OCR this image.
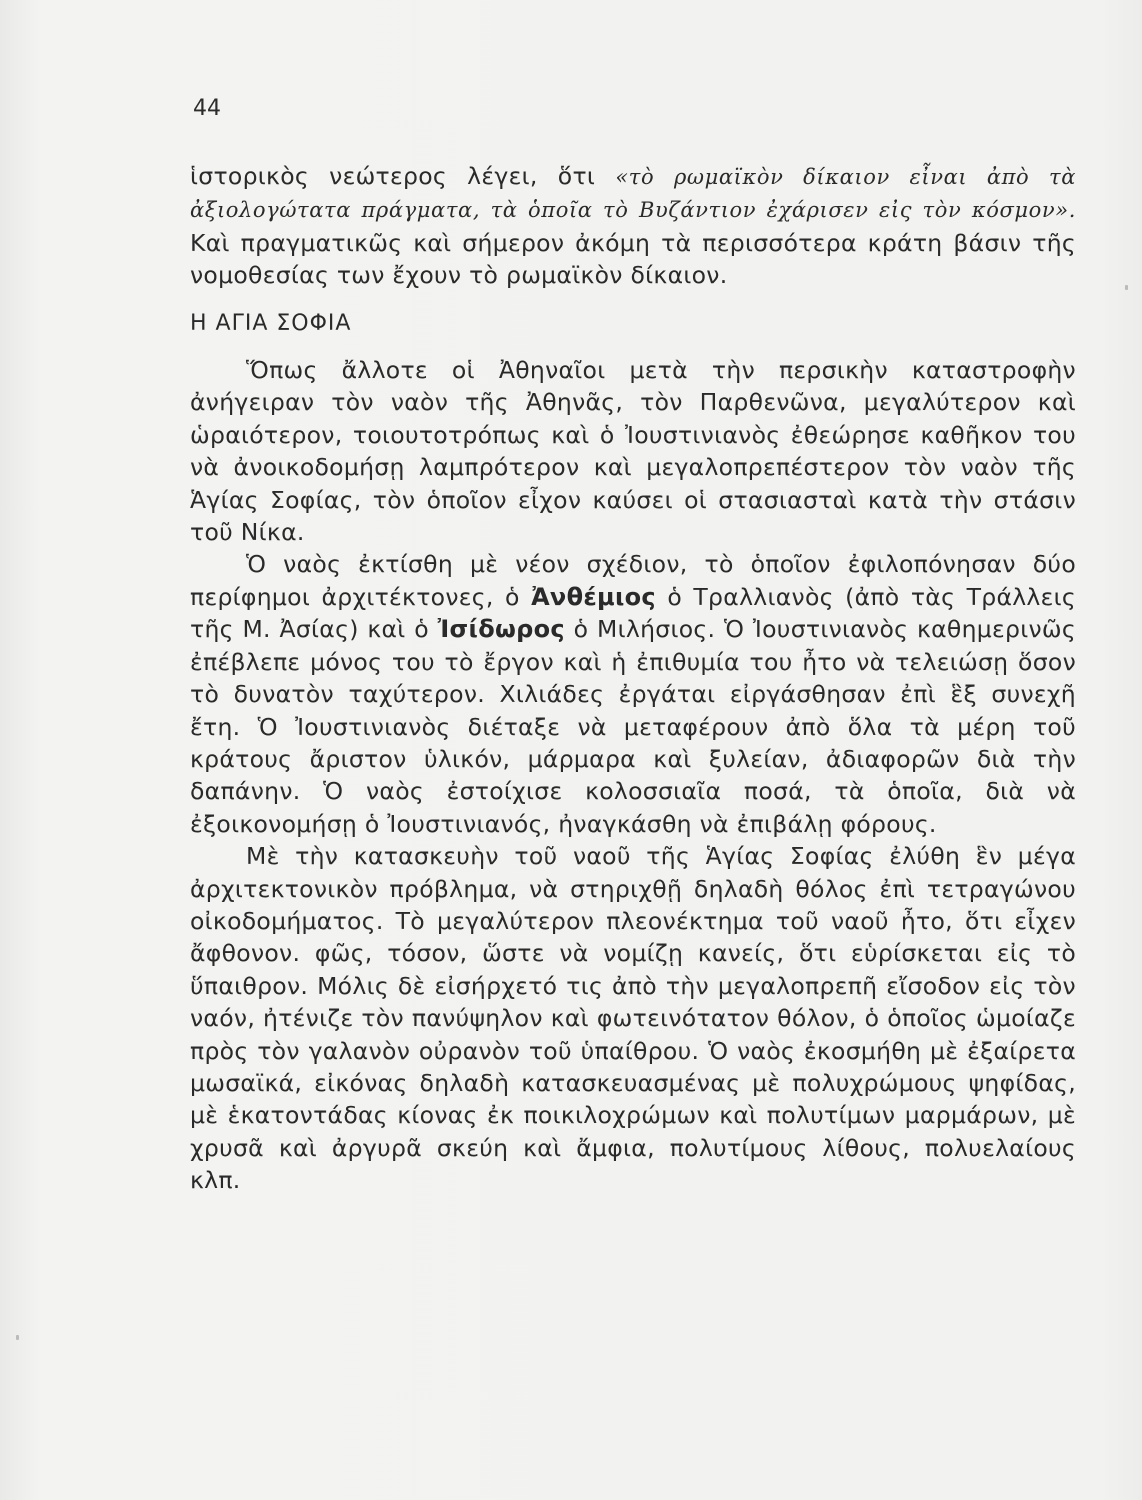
44

ἱστορικὸς νεώτερος λέγει, ὅτι «τὸ ρωμαϊκὸν δίκαιον εἶναι ἀπὸ τὰ ἀξιολογώτατα πράγματα, τὰ ὁποῖα τὸ Βυζάντιον ἐχάρισεν εἰς τὸν κόσμον». Καὶ πραγματικῶς καὶ σήμερον ἀκόμη τὰ περισσότερα κράτη βάσιν τῆς νομοθεσίας των ἔχουν τὸ ρωμαϊκὸν δίκαιον.

Η ΑΓΙΑ ΣΟΦΙΑ

Ὅπως ἄλλοτε οἱ Ἀθηναῖοι μετὰ τὴν περσικὴν καταστροφὴν ἀνήγειραν τὸν ναὸν τῆς Ἀθηνᾶς, τὸν Παρθενῶνα, μεγαλύτερον καὶ ὡραιότερον, τοιουτοτρόπως καὶ ὁ Ἰουστινιανὸς ἐθεώρησε καθῆκον του νὰ ἀνοικοδομήσῃ λαμπρότερον καὶ μεγαλοπρεπέστερον τὸν ναὸν τῆς Ἁγίας Σοφίας, τὸν ὁποῖον εἶχον καύσει οἱ στασιασταὶ κατὰ τὴν στάσιν τοῦ Νίκα.

Ὁ ναὸς ἐκτίσθη μὲ νέον σχέδιον, τὸ ὁποῖον ἐφιλοπόνησαν δύο περίφημοι ἀρχιτέκτονες, ὁ Ἀνθέμιος ὁ Τραλλιανὸς (ἀπὸ τὰς Τράλλεις τῆς Μ. Ἀσίας) καὶ ὁ Ἰσίδωρος ὁ Μιλήσιος. Ὁ Ἰουστινιανὸς καθημερινῶς ἐπέβλεπε μόνος του τὸ ἔργον καὶ ἡ ἐπιθυμία του ἦτο νὰ τελειώσῃ ὅσον τὸ δυνατὸν ταχύτερον. Χιλιάδες ἐργάται εἰργάσθησαν ἐπὶ ἓξ συνεχῆ ἔτη. Ὁ Ἰουστινιανὸς διέταξε νὰ μεταφέρουν ἀπὸ ὅλα τὰ μέρη τοῦ κράτους ἄριστον ὑλικόν, μάρμαρα καὶ ξυλείαν, ἀδιαφορῶν διὰ τὴν δαπάνην. Ὁ ναὸς ἐστοίχισε κολοσσιαῖα ποσά, τὰ ὁποῖα, διὰ νὰ ἐξοικονομήσῃ ὁ Ἰουστινιανός, ἠναγκάσθη νὰ ἐπιβάλῃ φόρους.

Μὲ τὴν κατασκευὴν τοῦ ναοῦ τῆς Ἁγίας Σοφίας ἐλύθη ἓν μέγα ἀρχιτεκτονικὸν πρόβλημα, νὰ στηριχθῇ δηλαδὴ θόλος ἐπὶ τετραγώνου οἰκοδομήματος. Τὸ μεγαλύτερον πλεονέκτημα τοῦ ναοῦ ἦτο, ὅτι εἶχεν ἄφθονον. φῶς, τόσον, ὥστε νὰ νομίζῃ κανείς, ὅτι εὑρίσκεται εἰς τὸ ὕπαιθρον. Μόλις δὲ εἰσήρχετό τις ἀπὸ τὴν μεγαλοπρεπῆ εἴσοδον εἰς τὸν ναόν, ἠτένιζε τὸν πανύψηλον καὶ φωτεινότατον θόλον, ὁ ὁποῖος ὡμοίαζε πρὸς τὸν γαλανὸν οὐρανὸν τοῦ ὑπαίθρου. Ὁ ναὸς ἐκοσμήθη μὲ ἐξαίρετα μωσαϊκά, εἰκόνας δηλαδὴ κατασκευασμένας μὲ πολυχρώμους ψηφίδας, μὲ ἑκατοντάδας κίονας ἐκ ποικιλοχρώμων καὶ πολυτίμων μαρμάρων, μὲ χρυσᾶ καὶ ἀργυρᾶ σκεύη καὶ ἄμφια, πολυτίμους λίθους, πολυελαίους κλπ.
